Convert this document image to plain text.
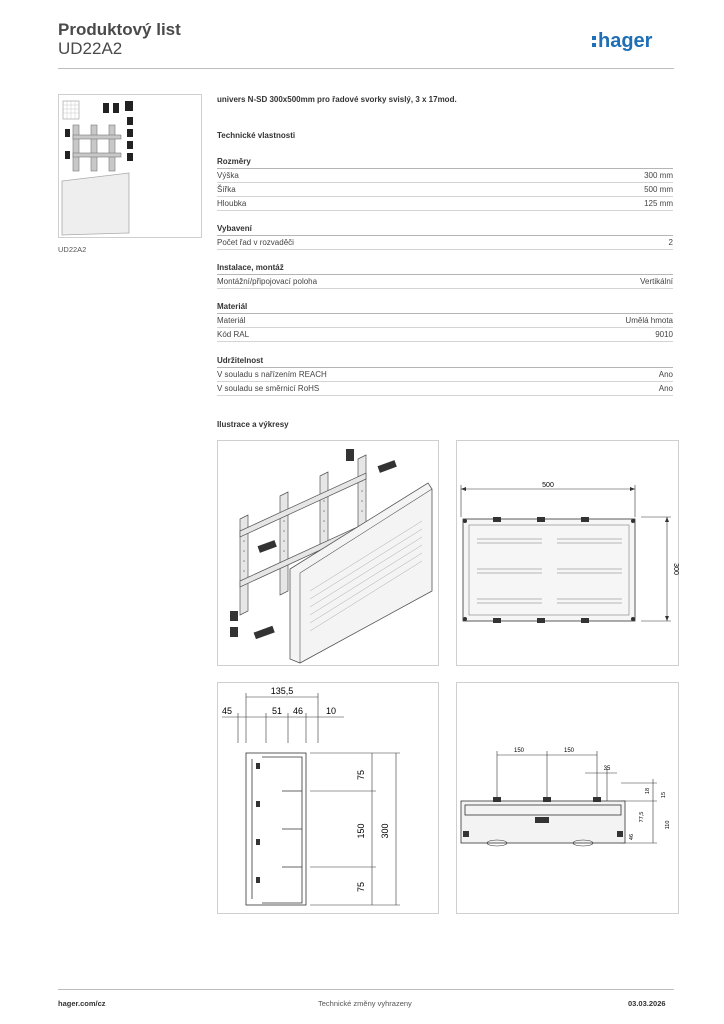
Produktový list
UD22A2	hager
UD22A2
univers N-SD 300x500mm pro řadové svorky svislý, 3 x 17mod.
Technické vlastnosti
Rozměry
Výška	300 mm
Šířka	500 mm
Hloubka	125 mm
Vybavení
Počet řad v rozvaděči	2
Instalace, montáž
Montážní/připojovací poloha	Vertikální
Materiál
Materiál	Umělá hmota
Kód RAL	9010
Udržitelnost
V souladu s nařízením REACH	Ano
V souladu se směrnicí RoHS	Ano
Ilustrace a výkresy
500
300
135,5
45	51 46	10
75
150
75
300
150	150
35
18
15
77,5
46
110
hager.com/cz	Technické změny vyhrazeny	03.03.2026
